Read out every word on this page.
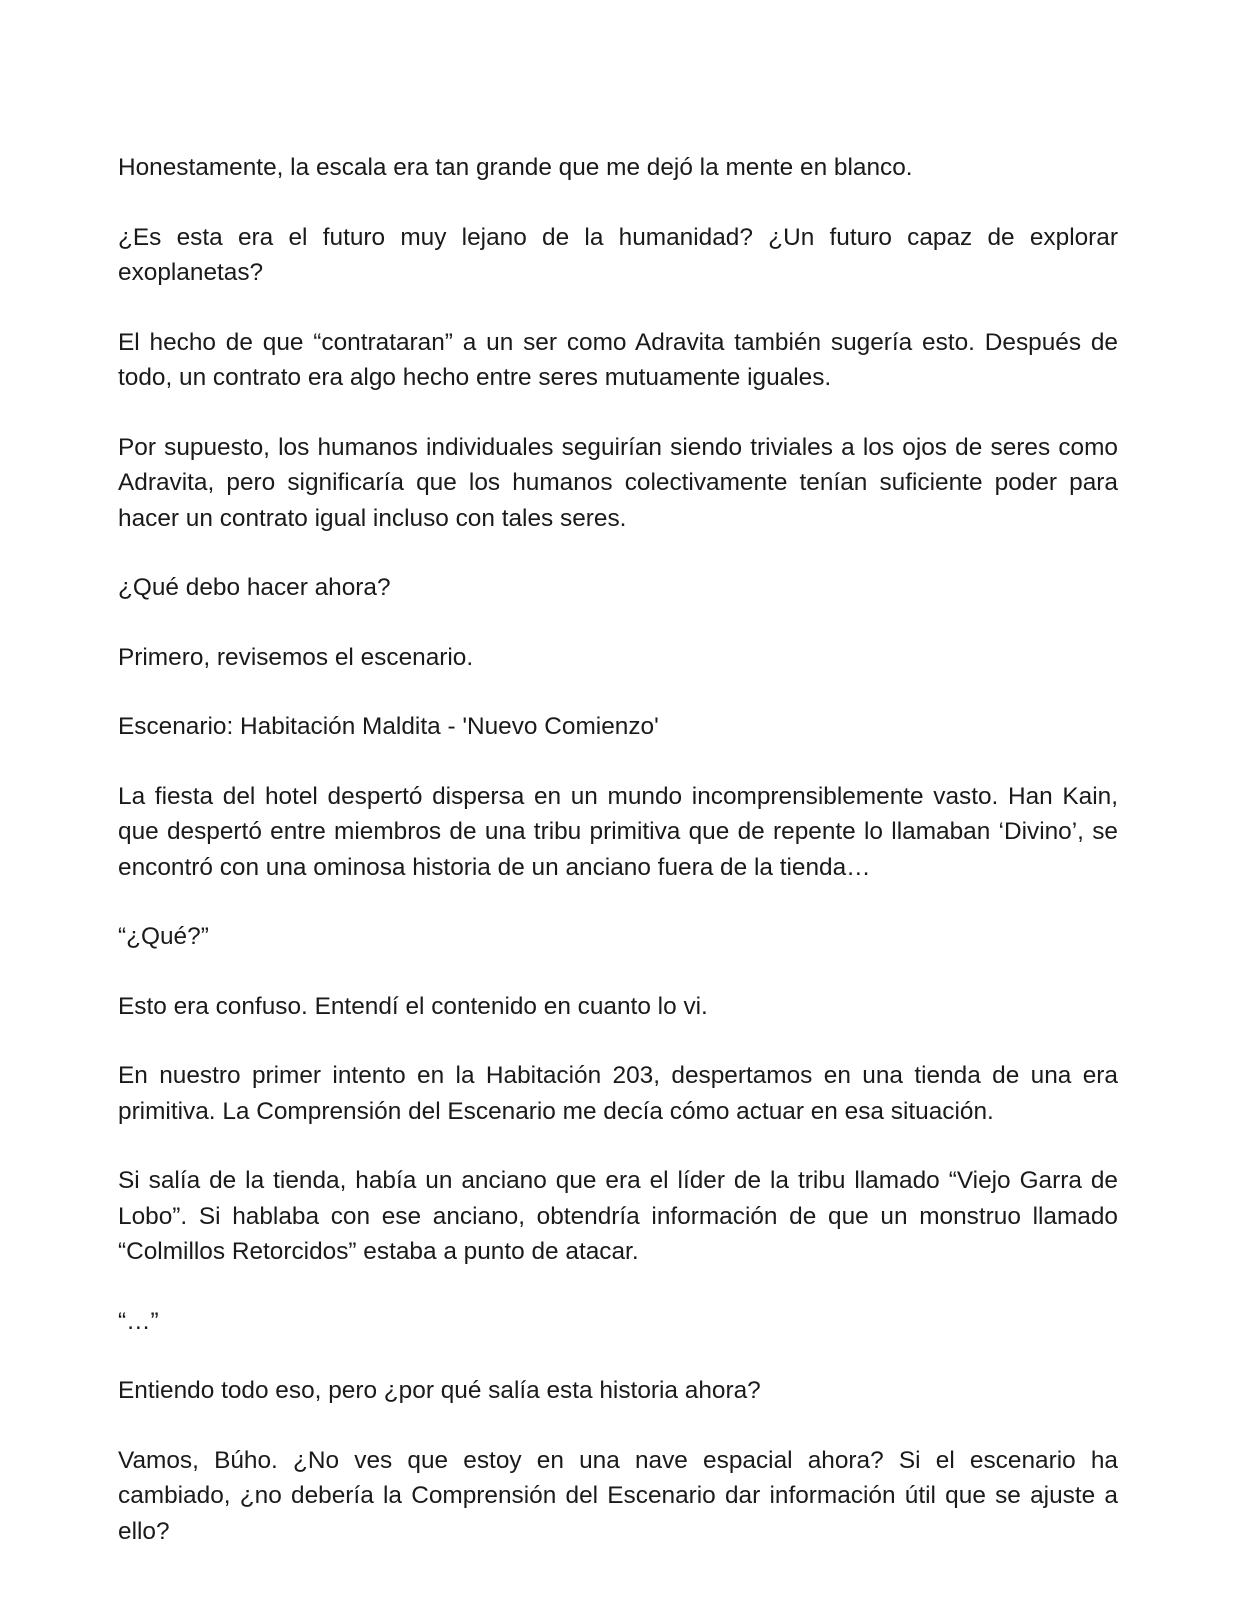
Honestamente, la escala era tan grande que me dejó la mente en blanco.

¿Es esta era el futuro muy lejano de la humanidad? ¿Un futuro capaz de explorar exoplanetas?

El hecho de que “contrataran” a un ser como Adravita también sugería esto. Después de todo, un contrato era algo hecho entre seres mutuamente iguales.

Por supuesto, los humanos individuales seguirían siendo triviales a los ojos de seres como Adravita, pero significaría que los humanos colectivamente tenían suficiente poder para hacer un contrato igual incluso con tales seres.

¿Qué debo hacer ahora?

Primero, revisemos el escenario.

Escenario: Habitación Maldita - 'Nuevo Comienzo'

La fiesta del hotel despertó dispersa en un mundo incomprensiblemente vasto. Han Kain, que despertó entre miembros de una tribu primitiva que de repente lo llamaban ‘Divino’, se encontró con una ominosa historia de un anciano fuera de la tienda…

“¿Qué?”

Esto era confuso. Entendí el contenido en cuanto lo vi.

En nuestro primer intento en la Habitación 203, despertamos en una tienda de una era primitiva. La Comprensión del Escenario me decía cómo actuar en esa situación.

Si salía de la tienda, había un anciano que era el líder de la tribu llamado “Viejo Garra de Lobo”. Si hablaba con ese anciano, obtendría información de que un monstruo llamado “Colmillos Retorcidos” estaba a punto de atacar.

“…”

Entiendo todo eso, pero ¿por qué salía esta historia ahora?

Vamos, Búho. ¿No ves que estoy en una nave espacial ahora? Si el escenario ha cambiado, ¿no debería la Comprensión del Escenario dar información útil que se ajuste a ello?
